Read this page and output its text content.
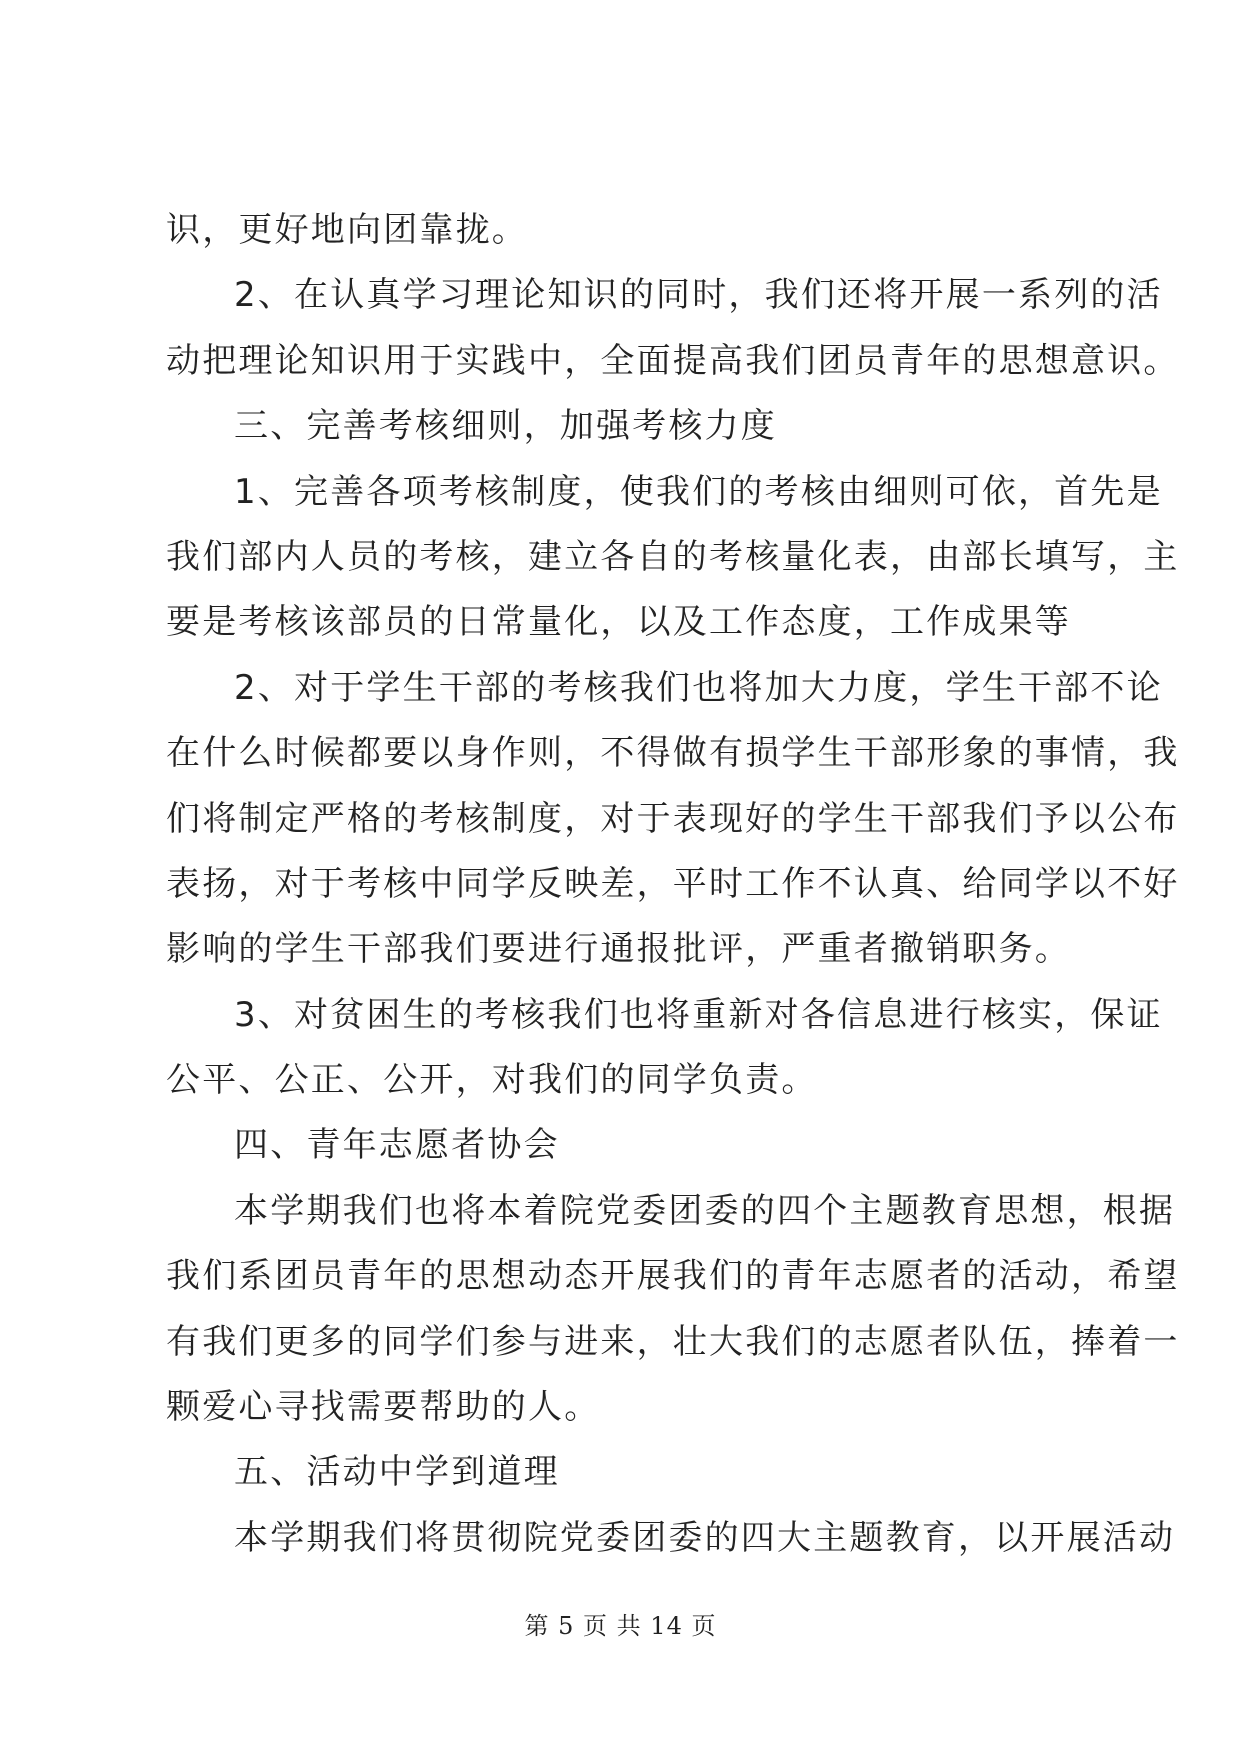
识，更好地向团靠拢。
2、在认真学习理论知识的同时，我们还将开展一系列的活
动把理论知识用于实践中，全面提高我们团员青年的思想意识。
三、完善考核细则，加强考核力度
1、完善各项考核制度，使我们的考核由细则可依，首先是
我们部内人员的考核，建立各自的考核量化表，由部长填写，主
要是考核该部员的日常量化，以及工作态度，工作成果等
2、对于学生干部的考核我们也将加大力度，学生干部不论
在什么时候都要以身作则，不得做有损学生干部形象的事情，我
们将制定严格的考核制度，对于表现好的学生干部我们予以公布
表扬，对于考核中同学反映差，平时工作不认真、给同学以不好
影响的学生干部我们要进行通报批评，严重者撤销职务。
3、对贫困生的考核我们也将重新对各信息进行核实，保证
公平、公正、公开，对我们的同学负责。
四、青年志愿者协会
本学期我们也将本着院党委团委的四个主题教育思想，根据
我们系团员青年的思想动态开展我们的青年志愿者的活动，希望
有我们更多的同学们参与进来，壮大我们的志愿者队伍，捧着一
颗爱心寻找需要帮助的人。
五、活动中学到道理
本学期我们将贯彻院党委团委的四大主题教育，以开展活动
第 5 页 共 14 页
